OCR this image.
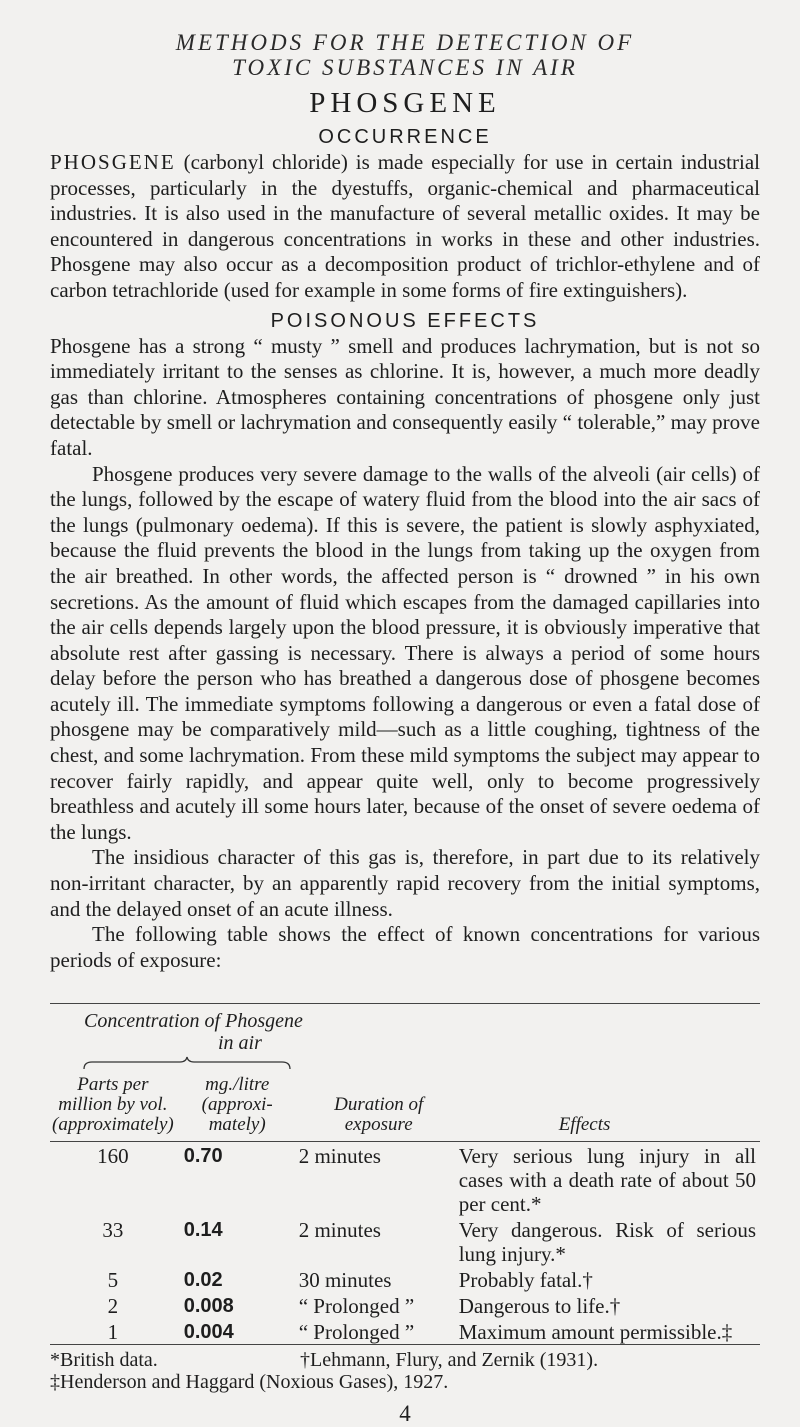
METHODS FOR THE DETECTION OF
TOXIC SUBSTANCES IN AIR
PHOSGENE
OCCURRENCE

PHOSGENE (carbonyl chloride) is made especially for use in certain industrial processes, particularly in the dyestuffs, organic-chemical and pharmaceutical industries. It is also used in the manufacture of several metallic oxides. It may be encountered in dangerous concentrations in works in these and other industries. Phosgene may also occur as a decomposition product of trichlor-ethylene and of carbon tetrachloride (used for example in some forms of fire extinguishers).

POISONOUS EFFECTS

Phosgene has a strong “ musty ” smell and produces lachrymation, but is not so immediately irritant to the senses as chlorine. It is, however, a much more deadly gas than chlorine. Atmospheres containing concentrations of phosgene only just detectable by smell or lachrymation and consequently easily “ tolerable,” may prove fatal.

Phosgene produces very severe damage to the walls of the alveoli (air cells) of the lungs, followed by the escape of watery fluid from the blood into the air sacs of the lungs (pulmonary oedema). If this is severe, the patient is slowly asphyxiated, because the fluid prevents the blood in the lungs from taking up the oxygen from the air breathed. In other words, the affected person is “ drowned ” in his own secretions. As the amount of fluid which escapes from the damaged capillaries into the air cells depends largely upon the blood pressure, it is obviously imperative that absolute rest after gassing is necessary. There is always a period of some hours delay before the person who has breathed a dangerous dose of phosgene becomes acutely ill. The immediate symptoms following a dangerous or even a fatal dose of phosgene may be comparatively mild—such as a little coughing, tightness of the chest, and some lachrymation. From these mild symptoms the subject may appear to recover fairly rapidly, and appear quite well, only to become progressively breathless and acutely ill some hours later, because of the onset of severe oedema of the lungs.

The insidious character of this gas is, therefore, in part due to its relatively non-irritant character, by an apparently rapid recovery from the initial symptoms, and the delayed onset of an acute illness.

The following table shows the effect of known concentrations for various periods of exposure:

Concentration of Phosgene
in air
Parts per million by vol. (approximately)	mg./litre (approxi- mately)	Duration of exposure	Effects
160	0.70	2 minutes	Very serious lung injury in all cases with a death rate of about 50 per cent.*
33	0.14	2 minutes	Very dangerous. Risk of serious lung injury.*
5	0.02	30 minutes	Probably fatal.†
2	0.008	“ Prolonged ”	Dangerous to life.†
1	0.004	“ Prolonged ”	Maximum amount permissible.‡
*British data.	†Lehmann, Flury, and Zernik (1931).
‡Henderson and Haggard (Noxious Gases), 1927.
4
